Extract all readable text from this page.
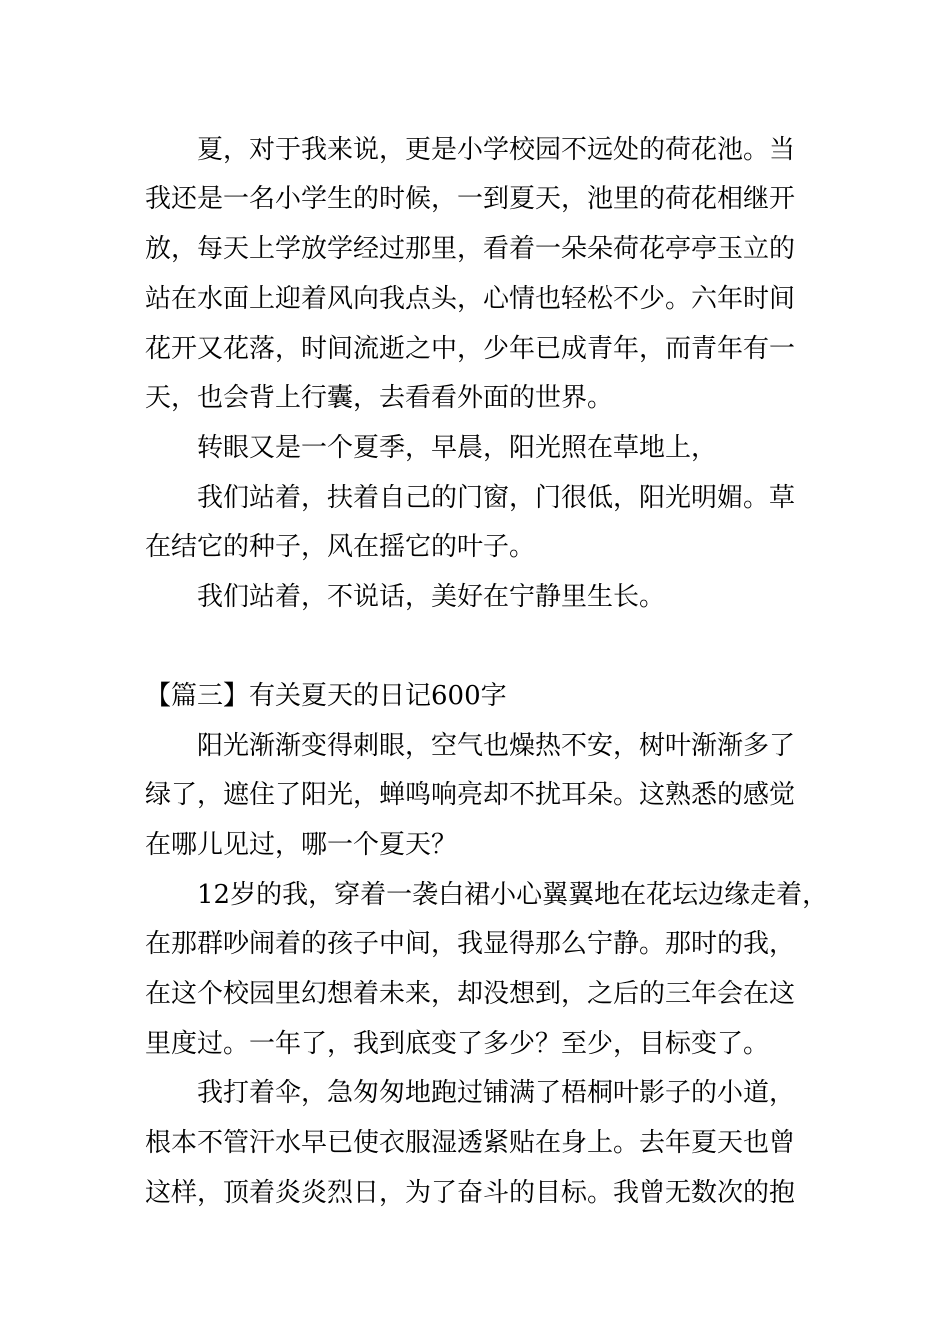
夏，对于我来说，更是小学校园不远处的荷花池。当
我还是一名小学生的时候，一到夏天，池里的荷花相继开
放，每天上学放学经过那里，看着一朵朵荷花亭亭玉立的
站在水面上迎着风向我点头，心情也轻松不少。六年时间
花开又花落，时间流逝之中，少年已成青年，而青年有一
天，也会背上行囊，去看看外面的世界。
转眼又是一个夏季，早晨，阳光照在草地上，
我们站着，扶着自己的门窗，门很低，阳光明媚。草
在结它的种子，风在摇它的叶子。
我们站着，不说话，美好在宁静里生长。
【篇三】有关夏天的日记600字
阳光渐渐变得刺眼，空气也燥热不安，树叶渐渐多了
绿了，遮住了阳光，蝉鸣响亮却不扰耳朵。这熟悉的感觉
在哪儿见过，哪一个夏天？
12岁的我，穿着一袭白裙小心翼翼地在花坛边缘走着，
在那群吵闹着的孩子中间，我显得那么宁静。那时的我，
在这个校园里幻想着未来，却没想到，之后的三年会在这
里度过。一年了，我到底变了多少？至少，目标变了。
我打着伞，急匆匆地跑过铺满了梧桐叶影子的小道，
根本不管汗水早已使衣服湿透紧贴在身上。去年夏天也曾
这样，顶着炎炎烈日，为了奋斗的目标。我曾无数次的抱
